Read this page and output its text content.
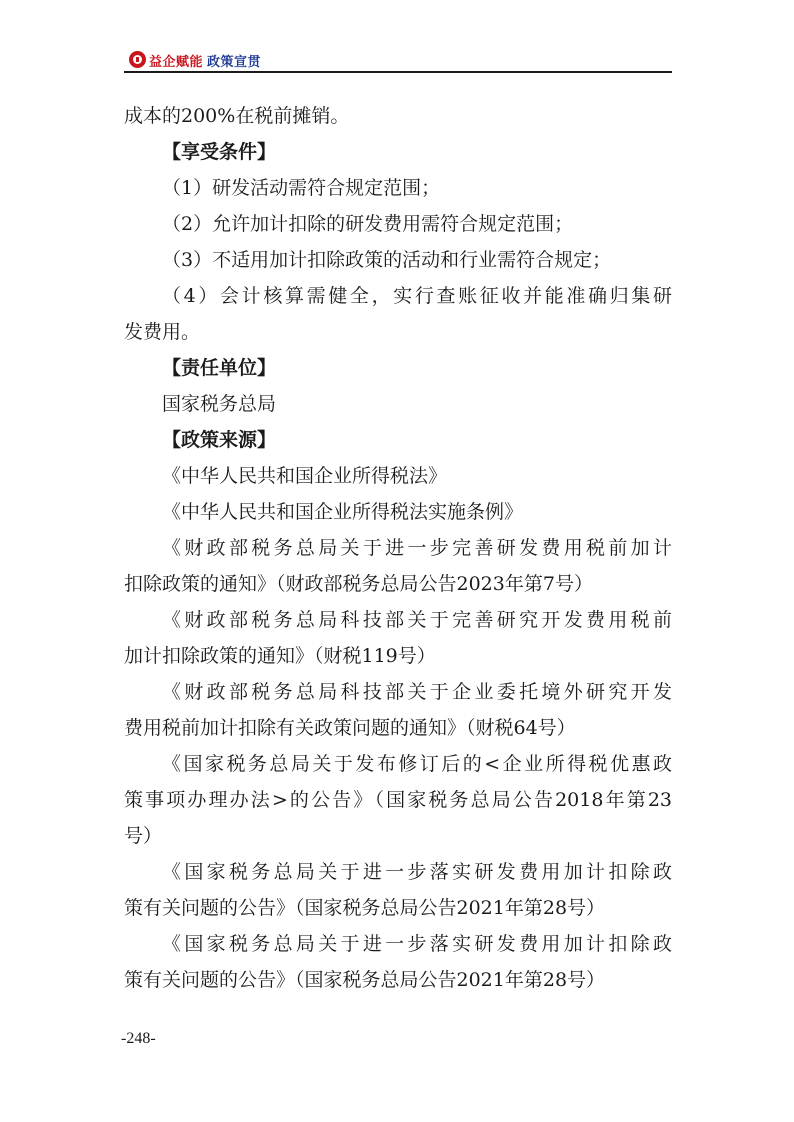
益企赋能 政策宣贯
成本的200%在税前摊销。
【享受条件】
（1）研发活动需符合规定范围；
（2）允许加计扣除的研发费用需符合规定范围；
（3）不适用加计扣除政策的活动和行业需符合规定；
（4）会计核算需健全，实行查账征收并能准确归集研
发费用。
【责任单位】
国家税务总局
【政策来源】
《中华人民共和国企业所得税法》
《中华人民共和国企业所得税法实施条例》
《财政部税务总局关于进一步完善研发费用税前加计
扣除政策的通知》（财政部税务总局公告2023年第7号）
《财政部税务总局科技部关于完善研究开发费用税前
加计扣除政策的通知》（财税119号）
《财政部税务总局科技部关于企业委托境外研究开发
费用税前加计扣除有关政策问题的通知》（财税64号）
《国家税务总局关于发布修订后的<企业所得税优惠政
策事项办理办法>的公告》（国家税务总局公告2018年第23
号）
《国家税务总局关于进一步落实研发费用加计扣除政
策有关问题的公告》（国家税务总局公告2021年第28号）
《国家税务总局关于进一步落实研发费用加计扣除政
策有关问题的公告》（国家税务总局公告2021年第28号）
-248-
